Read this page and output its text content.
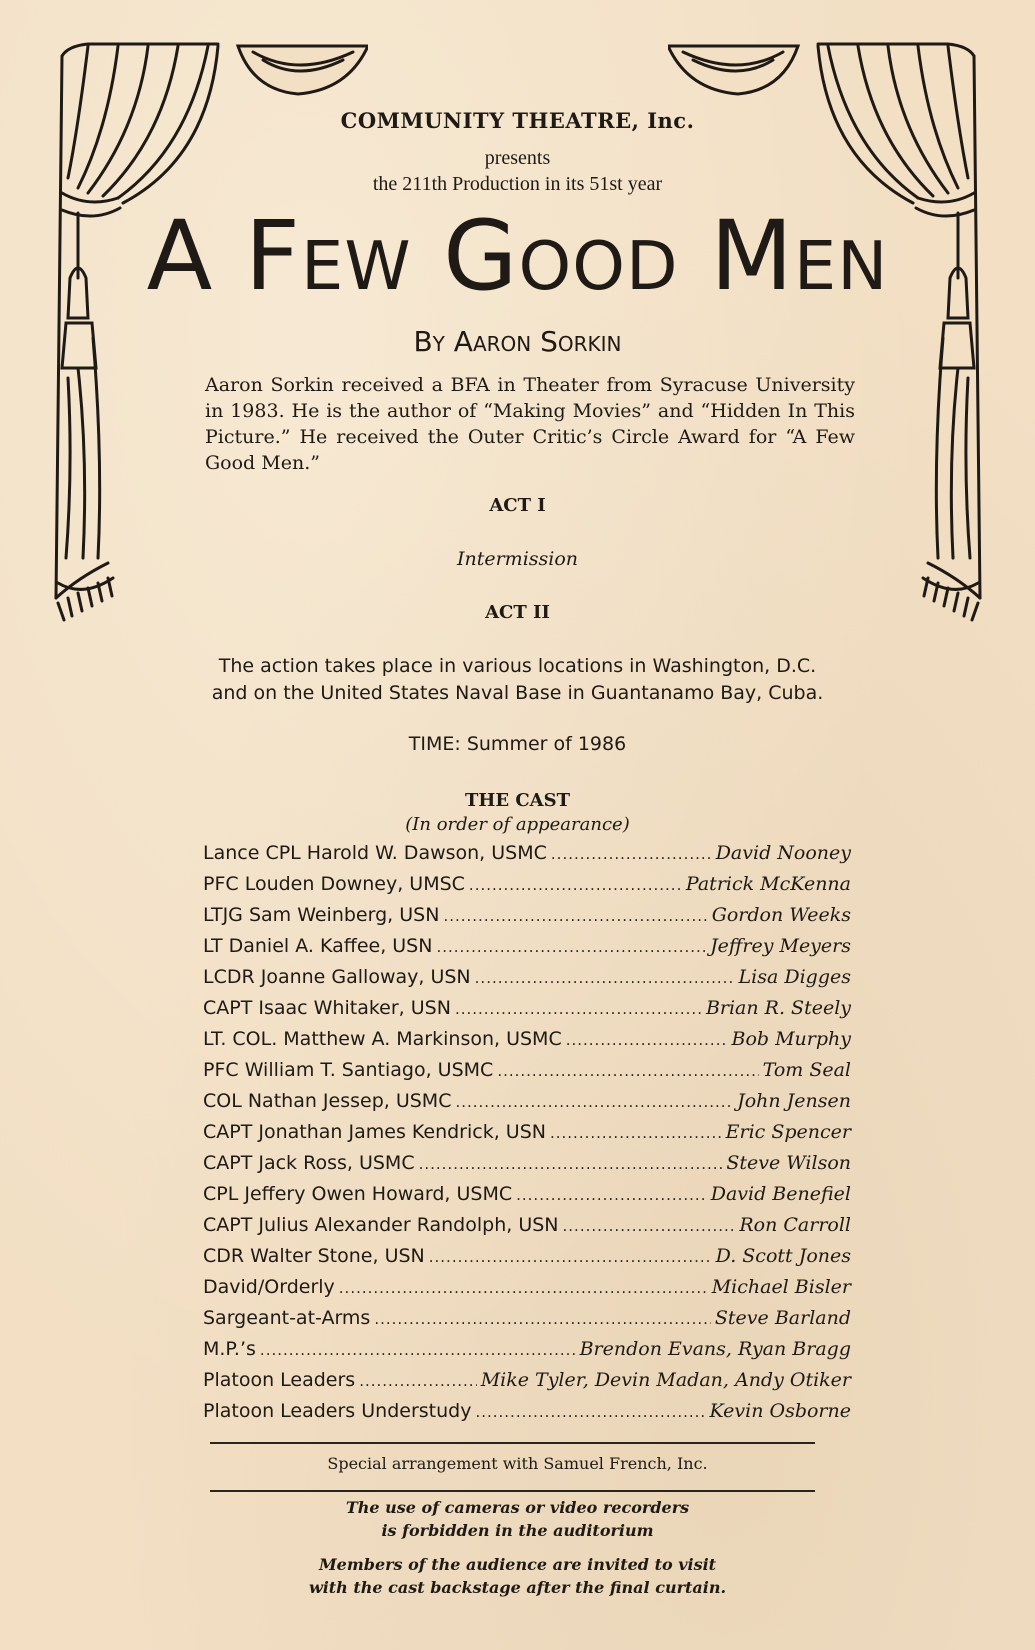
COMMUNITY THEATRE, Inc.
presents
the 211th Production in its 51st year
A Few Good Men
By Aaron Sorkin
Aaron Sorkin received a BFA in Theater from Syracuse University in 1983. He is the author of “Making Movies” and “Hidden In This Picture.” He received the Outer Critic’s Circle Award for “A Few Good Men.”
ACT I
Intermission
ACT II
The action takes place in various locations in Washington, D.C.
and on the United States Naval Base in Guantanamo Bay, Cuba.
TIME: Summer of 1986
THE CAST
(In order of appearance)
Lance CPL Harold W. Dawson, USMC .....	David Nooney
PFC Louden Downey, UMSC .....	Patrick McKenna
LTJG Sam Weinberg, USN .....	Gordon Weeks
LT Daniel A. Kaffee, USN .....	Jeffrey Meyers
LCDR Joanne Galloway, USN .....	Lisa Digges
CAPT Isaac Whitaker, USN .....	Brian R. Steely
LT. COL. Matthew A. Markinson, USMC .....	Bob Murphy
PFC William T. Santiago, USMC .....	Tom Seal
COL Nathan Jessep, USMC .....	John Jensen
CAPT Jonathan James Kendrick, USN .....	Eric Spencer
CAPT Jack Ross, USMC .....	Steve Wilson
CPL Jeffery Owen Howard, USMC .....	David Benefiel
CAPT Julius Alexander Randolph, USN .....	Ron Carroll
CDR Walter Stone, USN .....	D. Scott Jones
David/Orderly .....	Michael Bisler
Sargeant-at-Arms .....	Steve Barland
M.P.’s .....	Brendon Evans, Ryan Bragg
Platoon Leaders .....	Mike Tyler, Devin Madan, Andy Otiker
Platoon Leaders Understudy .....	Kevin Osborne
Special arrangement with Samuel French, Inc.
The use of cameras or video recorders
is forbidden in the auditorium
Members of the audience are invited to visit
with the cast backstage after the final curtain.
